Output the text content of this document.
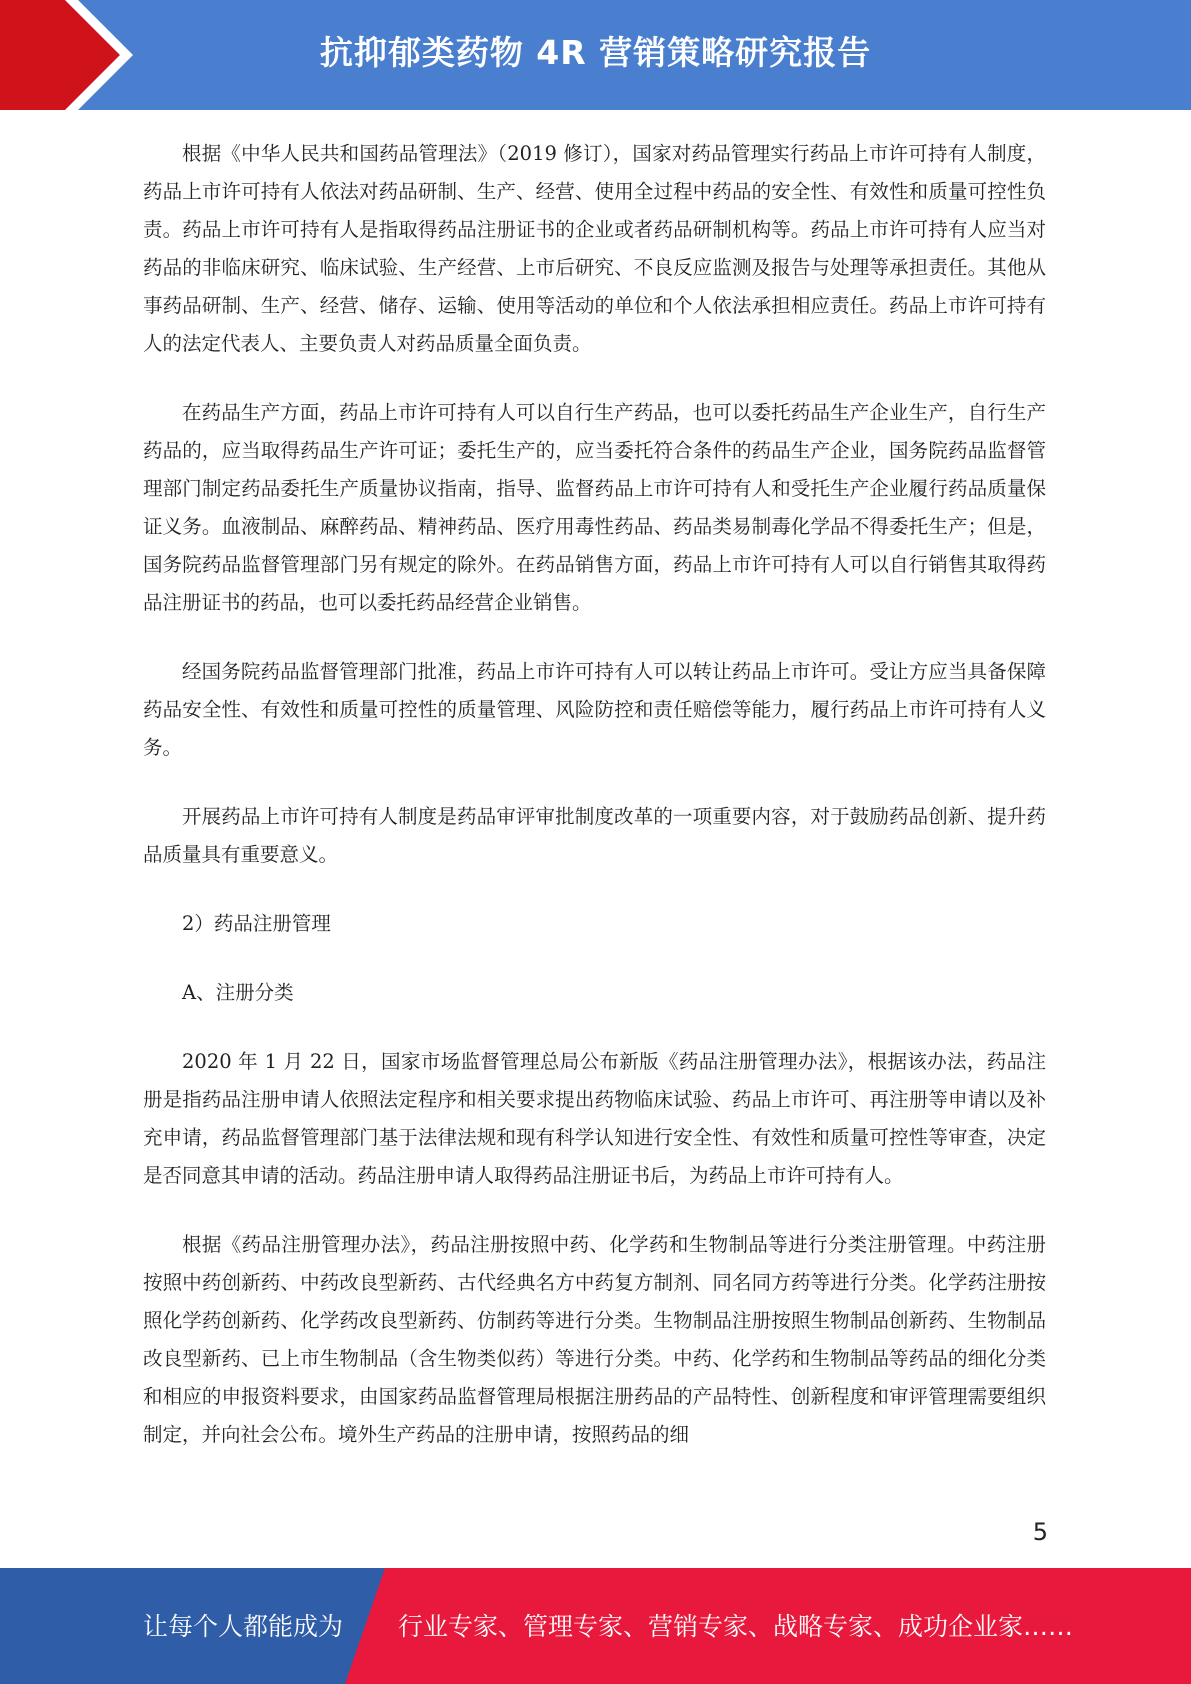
抗抑郁类药物 4R 营销策略研究报告

根据《中华人民共和国药品管理法》（2019 修订），国家对药品管理实行药品上市许可持有人制度，药品上市许可持有人依法对药品研制、生产、经营、使用全过程中药品的安全性、有效性和质量可控性负责。药品上市许可持有人是指取得药品注册证书的企业或者药品研制机构等。药品上市许可持有人应当对药品的非临床研究、临床试验、生产经营、上市后研究、不良反应监测及报告与处理等承担责任。其他从事药品研制、生产、经营、储存、运输、使用等活动的单位和个人依法承担相应责任。药品上市许可持有人的法定代表人、主要负责人对药品质量全面负责。

在药品生产方面，药品上市许可持有人可以自行生产药品，也可以委托药品生产企业生产，自行生产药品的，应当取得药品生产许可证；委托生产的，应当委托符合条件的药品生产企业，国务院药品监督管理部门制定药品委托生产质量协议指南，指导、监督药品上市许可持有人和受托生产企业履行药品质量保证义务。血液制品、麻醉药品、精神药品、医疗用毒性药品、药品类易制毒化学品不得委托生产；但是，国务院药品监督管理部门另有规定的除外。在药品销售方面，药品上市许可持有人可以自行销售其取得药品注册证书的药品，也可以委托药品经营企业销售。

经国务院药品监督管理部门批准，药品上市许可持有人可以转让药品上市许可。受让方应当具备保障药品安全性、有效性和质量可控性的质量管理、风险防控和责任赔偿等能力，履行药品上市许可持有人义务。

开展药品上市许可持有人制度是药品审评审批制度改革的一项重要内容，对于鼓励药品创新、提升药品质量具有重要意义。

2）药品注册管理

A、注册分类

2020 年 1 月 22 日，国家市场监督管理总局公布新版《药品注册管理办法》，根据该办法，药品注册是指药品注册申请人依照法定程序和相关要求提出药物临床试验、药品上市许可、再注册等申请以及补充申请，药品监督管理部门基于法律法规和现有科学认知进行安全性、有效性和质量可控性等审查，决定是否同意其申请的活动。药品注册申请人取得药品注册证书后，为药品上市许可持有人。

根据《药品注册管理办法》，药品注册按照中药、化学药和生物制品等进行分类注册管理。中药注册按照中药创新药、中药改良型新药、古代经典名方中药复方制剂、同名同方药等进行分类。化学药注册按照化学药创新药、化学药改良型新药、仿制药等进行分类。生物制品注册按照生物制品创新药、生物制品改良型新药、已上市生物制品（含生物类似药）等进行分类。中药、化学药和生物制品等药品的细化分类和相应的申报资料要求，由国家药品监督管理局根据注册药品的产品特性、创新程度和审评管理需要组织制定，并向社会公布。境外生产药品的注册申请，按照药品的细

5
让每个人都能成为 行业专家、管理专家、营销专家、战略专家、成功企业家……
